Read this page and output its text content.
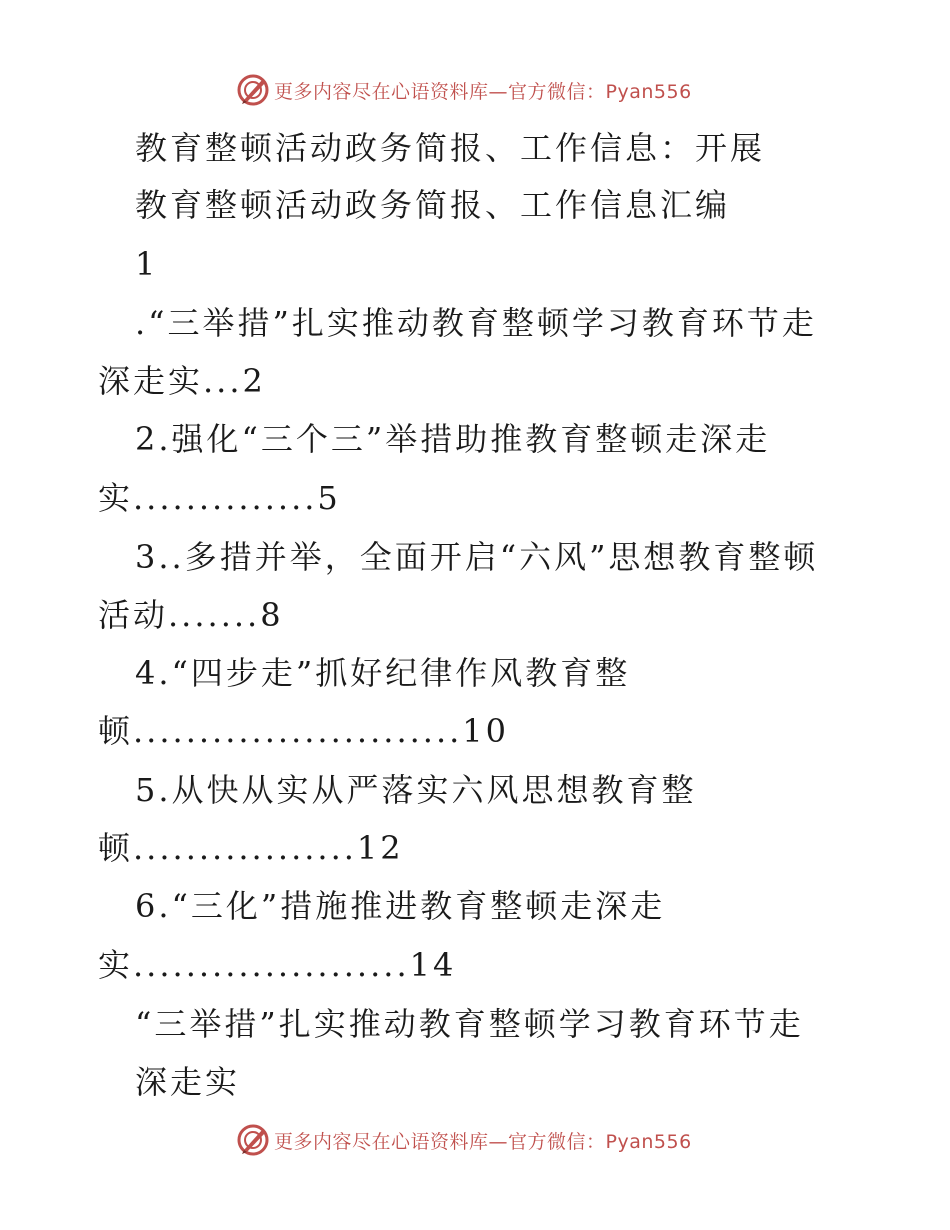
更多内容尽在心语资料库—官方微信：Pyan556
教育整顿活动政务简报、工作信息：开展
教育整顿活动政务简报、工作信息汇编
1
.“三举措”扎实推动教育整顿学习教育环节走
深走实...2
2.强化“三个三”举措助推教育整顿走深走
实..............5
3..多措并举，全面开启“六风”思想教育整顿
活动.......8
4.“四步走”抓好纪律作风教育整
顿.........................10
5.从快从实从严落实六风思想教育整
顿.................12
6.“三化”措施推进教育整顿走深走
实.....................14
“三举措”扎实推动教育整顿学习教育环节走
深走实
更多内容尽在心语资料库—官方微信：Pyan556
